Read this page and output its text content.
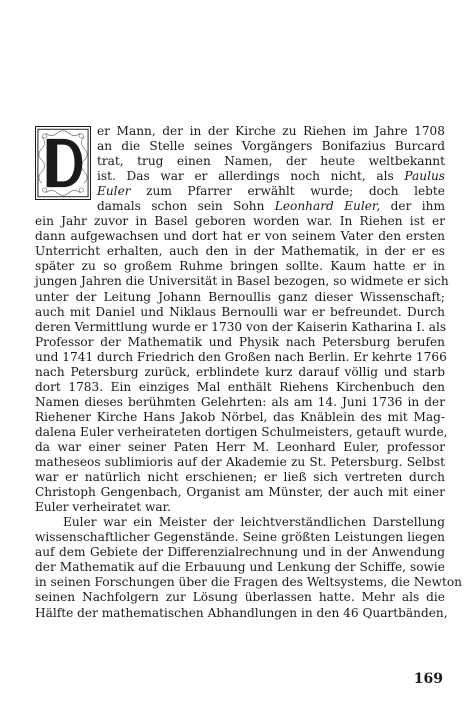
er Mann, der in der Kirche zu Riehen im Jahre 1708
an die Stelle seines Vorgängers Bonifazius Burcard
trat, trug einen Namen, der heute weltbekannt
ist. Das war er allerdings noch nicht, als Paulus
Euler zum Pfarrer erwählt wurde; doch lebte
damals schon sein Sohn Leonhard Euler, der ihm
ein Jahr zuvor in Basel geboren worden war. In Riehen ist er
dann aufgewachsen und dort hat er von seinem Vater den ersten
Unterricht erhalten, auch den in der Mathematik, in der er es
später zu so großem Ruhme bringen sollte. Kaum hatte er in
jungen Jahren die Universität in Basel bezogen, so widmete er sich
unter der Leitung Johann Bernoullis ganz dieser Wissenschaft;
auch mit Daniel und Niklaus Bernoulli war er befreundet. Durch
deren Vermittlung wurde er 1730 von der Kaiserin Katharina I. als
Professor der Mathematik und Physik nach Petersburg berufen
und 1741 durch Friedrich den Großen nach Berlin. Er kehrte 1766
nach Petersburg zurück, erblindete kurz darauf völlig und starb
dort 1783. Ein einziges Mal enthält Riehens Kirchenbuch den
Namen dieses berühmten Gelehrten: als am 14. Juni 1736 in der
Riehener Kirche Hans Jakob Nörbel, das Knäblein des mit Mag-
dalena Euler verheirateten dortigen Schulmeisters, getauft wurde,
da war einer seiner Paten Herr M. Leonhard Euler, professor
matheseos sublimioris auf der Akademie zu St. Petersburg. Selbst
war er natürlich nicht erschienen; er ließ sich vertreten durch
Christoph Gengenbach, Organist am Münster, der auch mit einer
Euler verheiratet war.
Euler war ein Meister der leichtverständlichen Darstellung
wissenschaftlicher Gegenstände. Seine größten Leistungen liegen
auf dem Gebiete der Differenzialrechnung und in der Anwendung
der Mathematik auf die Erbauung und Lenkung der Schiffe, sowie
in seinen Forschungen über die Fragen des Weltsystems, die Newton
seinen Nachfolgern zur Lösung überlassen hatte. Mehr als die
Hälfte der mathematischen Abhandlungen in den 46 Quartbänden,
169
